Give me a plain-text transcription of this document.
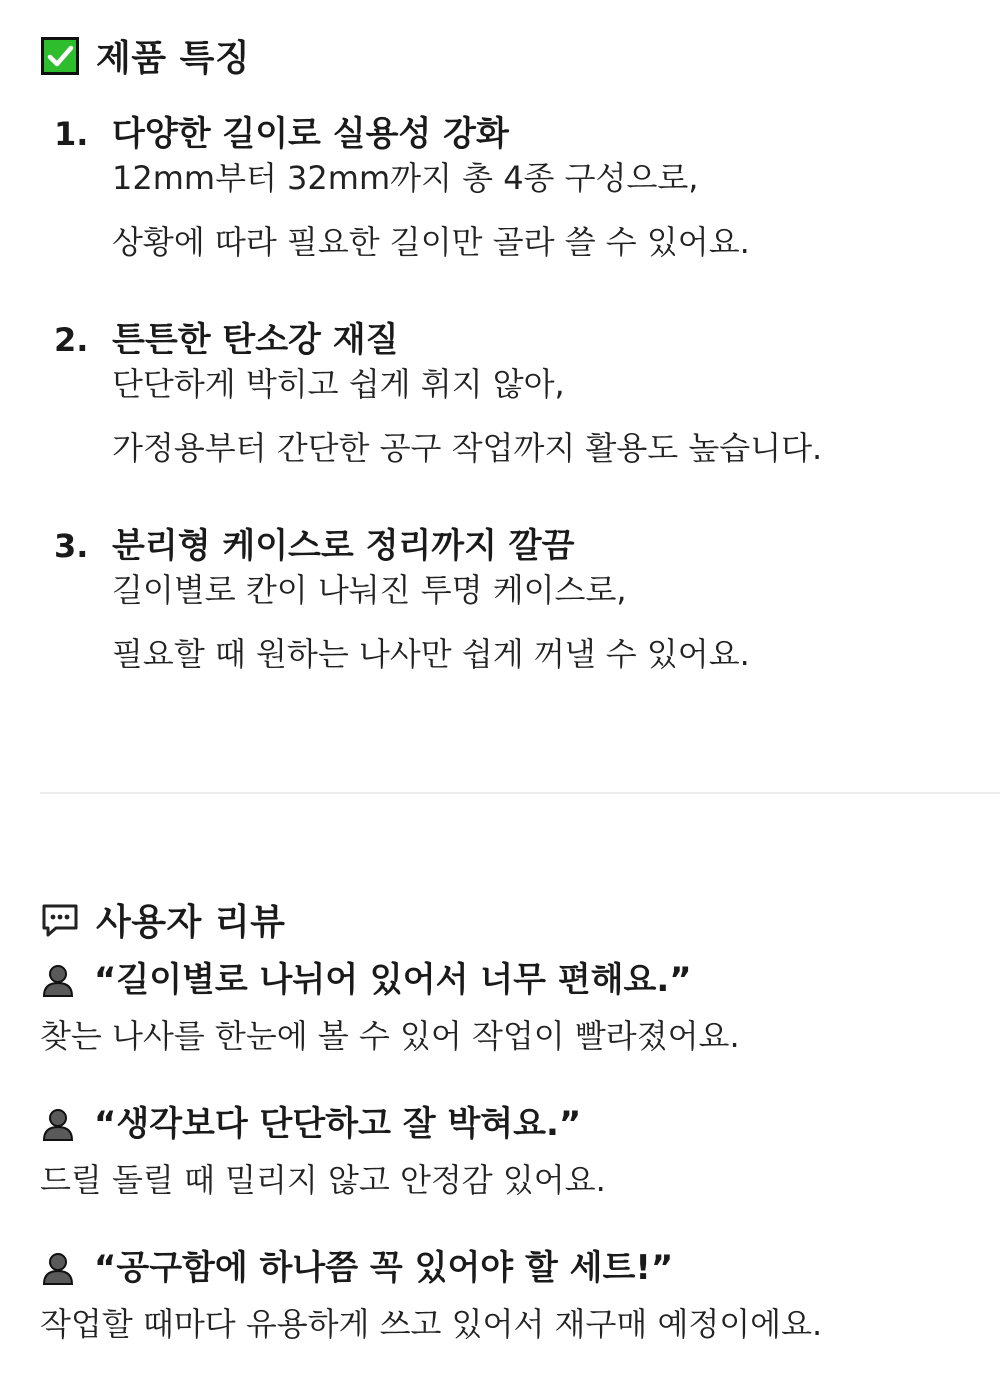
제품 특징
1. 다양한 길이로 실용성 강화
12mm부터 32mm까지 총 4종 구성으로,
상황에 따라 필요한 길이만 골라 쓸 수 있어요.
2. 튼튼한 탄소강 재질
단단하게 박히고 쉽게 휘지 않아,
가정용부터 간단한 공구 작업까지 활용도 높습니다.
3. 분리형 케이스로 정리까지 깔끔
길이별로 칸이 나눠진 투명 케이스로,
필요할 때 원하는 나사만 쉽게 꺼낼 수 있어요.
사용자 리뷰
“길이별로 나뉘어 있어서 너무 편해요.”
찾는 나사를 한눈에 볼 수 있어 작업이 빨라졌어요.
“생각보다 단단하고 잘 박혀요.”
드릴 돌릴 때 밀리지 않고 안정감 있어요.
“공구함에 하나쯤 꼭 있어야 할 세트!”
작업할 때마다 유용하게 쓰고 있어서 재구매 예정이에요.
